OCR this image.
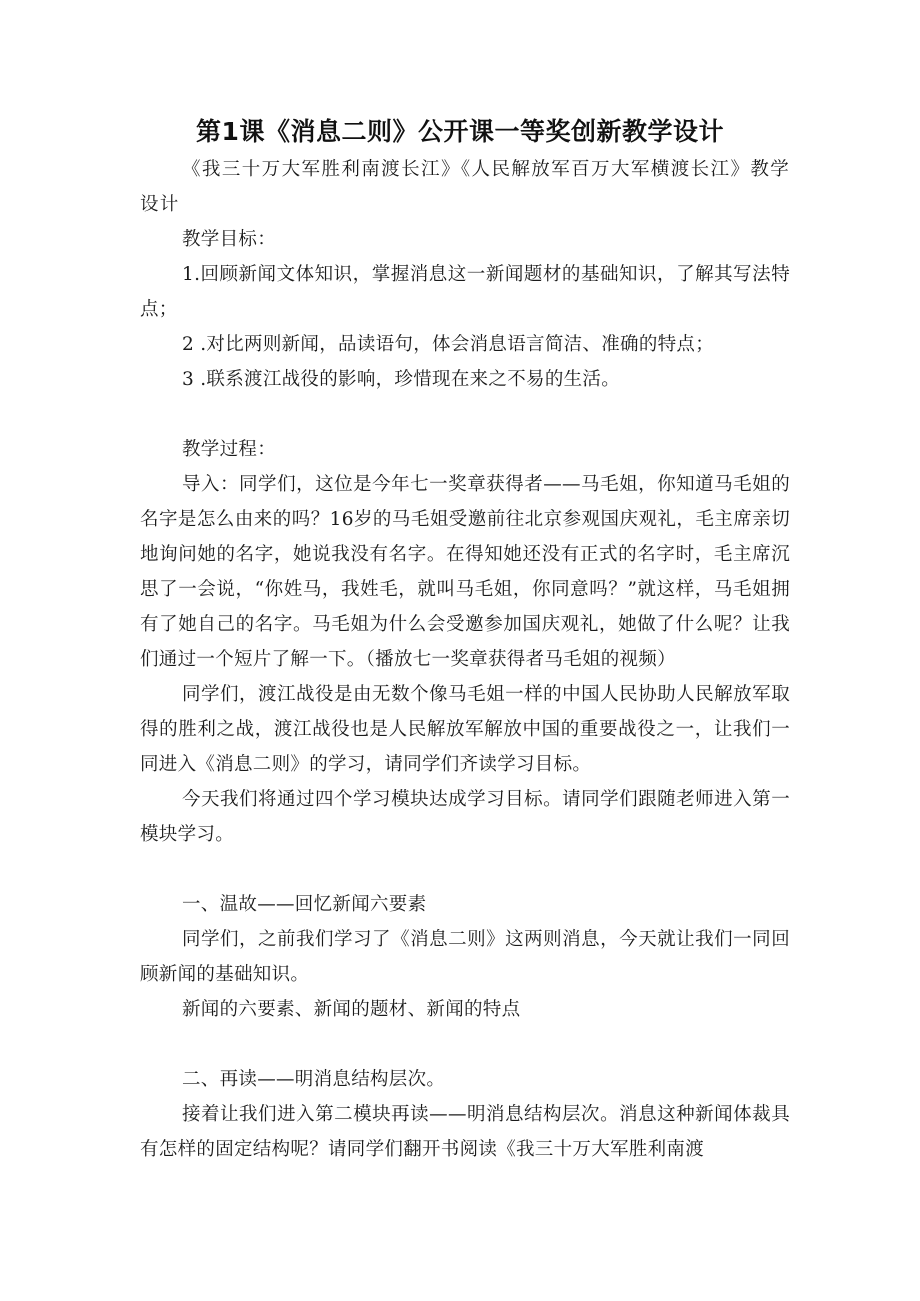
第1课《消息二则》公开课一等奖创新教学设计

《我三十万大军胜利南渡长江》《人民解放军百万大军横渡长江》教学设计

教学目标：

1.回顾新闻文体知识，掌握消息这一新闻题材的基础知识，了解其写法特点；

2 .对比两则新闻，品读语句，体会消息语言简洁、准确的特点；

3 .联系渡江战役的影响，珍惜现在来之不易的生活。

教学过程：

导入：同学们，这位是今年七一奖章获得者——马毛姐，你知道马毛姐的名字是怎么由来的吗？16岁的马毛姐受邀前往北京参观国庆观礼，毛主席亲切地询问她的名字，她说我没有名字。在得知她还没有正式的名字时，毛主席沉思了一会说，“你姓马，我姓毛，就叫马毛姐，你同意吗？”就这样，马毛姐拥有了她自己的名字。马毛姐为什么会受邀参加国庆观礼，她做了什么呢？让我们通过一个短片了解一下。（播放七一奖章获得者马毛姐的视频）

同学们，渡江战役是由无数个像马毛姐一样的中国人民协助人民解放军取得的胜利之战，渡江战役也是人民解放军解放中国的重要战役之一，让我们一同进入《消息二则》的学习，请同学们齐读学习目标。

今天我们将通过四个学习模块达成学习目标。请同学们跟随老师进入第一模块学习。

一、温故——回忆新闻六要素

同学们，之前我们学习了《消息二则》这两则消息，今天就让我们一同回顾新闻的基础知识。

新闻的六要素、新闻的题材、新闻的特点

二、再读——明消息结构层次。

接着让我们进入第二模块再读——明消息结构层次。消息这种新闻体裁具有怎样的固定结构呢？请同学们翻开书阅读《我三十万大军胜利南渡
